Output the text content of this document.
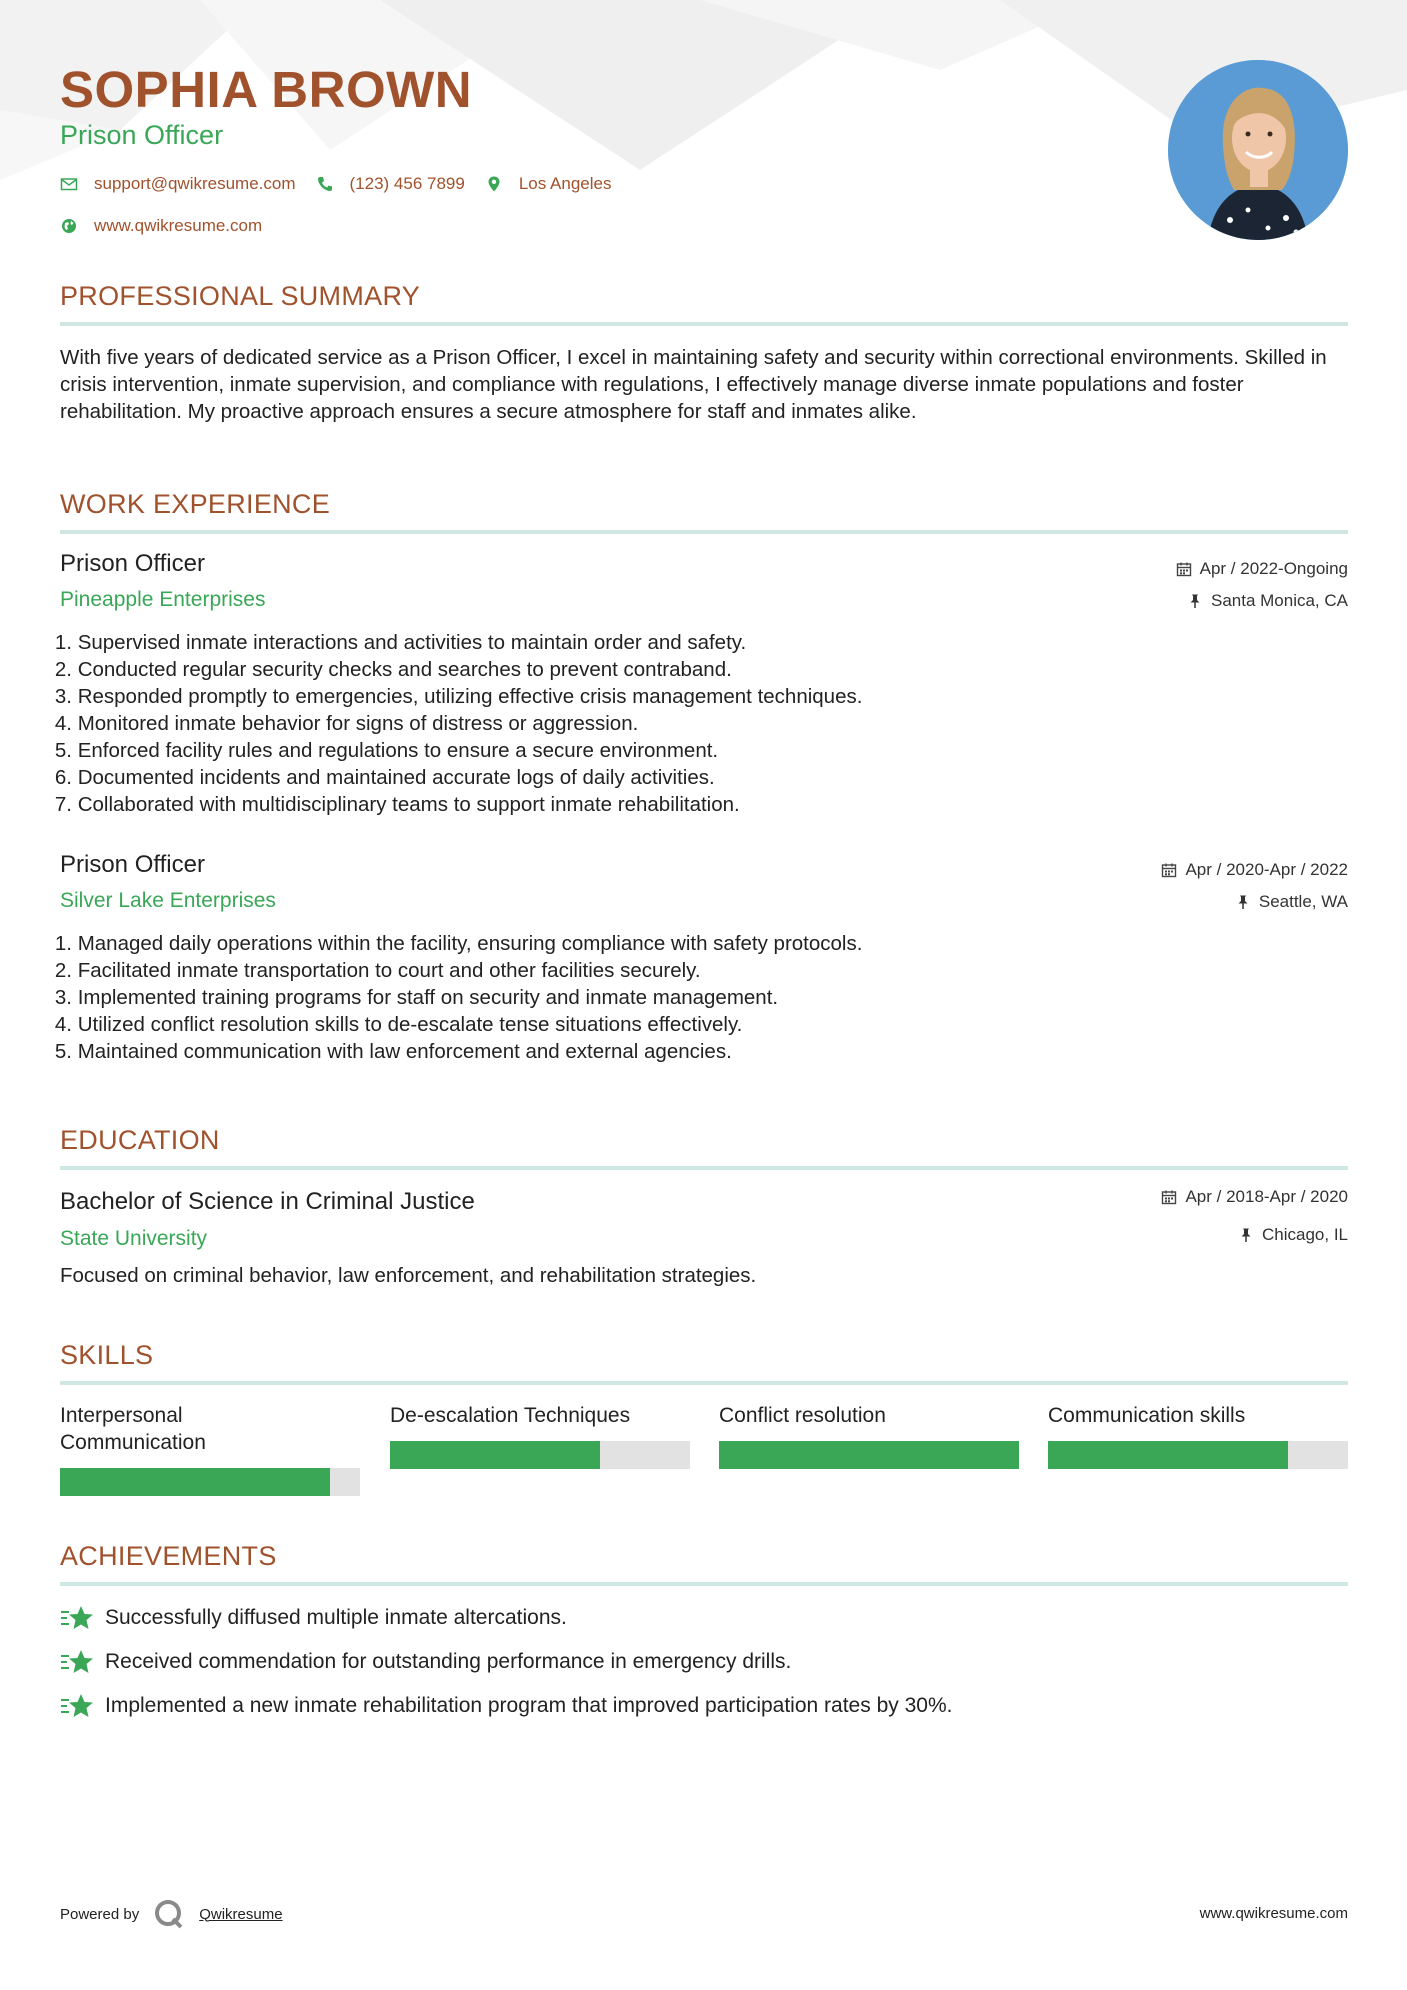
SOPHIA BROWN
Prison Officer
support@qwikresume.com	(123) 456 7899	Los Angeles
www.qwikresume.com
PROFESSIONAL SUMMARY
With five years of dedicated service as a Prison Officer, I excel in maintaining safety and security within correctional environments. Skilled in crisis intervention, inmate supervision, and compliance with regulations, I effectively manage diverse inmate populations and foster rehabilitation. My proactive approach ensures a secure atmosphere for staff and inmates alike.
WORK EXPERIENCE
Prison Officer
Pineapple Enterprises
Apr / 2022-Ongoing
Santa Monica, CA
1.
Supervised inmate interactions and activities to maintain order and safety.
2.
Conducted regular security checks and searches to prevent contraband.
3.
Responded promptly to emergencies, utilizing effective crisis management techniques.
4.
Monitored inmate behavior for signs of distress or aggression.
5.
Enforced facility rules and regulations to ensure a secure environment.
6.
Documented incidents and maintained accurate logs of daily activities.
7.
Collaborated with multidisciplinary teams to support inmate rehabilitation.
Prison Officer
Silver Lake Enterprises
Apr / 2020-Apr / 2022
Seattle, WA
1.
Managed daily operations within the facility, ensuring compliance with safety protocols.
2.
Facilitated inmate transportation to court and other facilities securely.
3.
Implemented training programs for staff on security and inmate management.
4.
Utilized conflict resolution skills to de-escalate tense situations effectively.
5.
Maintained communication with law enforcement and external agencies.
EDUCATION
Bachelor of Science in Criminal Justice
State University
Apr / 2018-Apr / 2020
Chicago, IL
Focused on criminal behavior, law enforcement, and rehabilitation strategies.
SKILLS
Interpersonal
Communication
De-escalation Techniques	Conflict resolution	Communication skills
ACHIEVEMENTS
Successfully diffused multiple inmate altercations.
Received commendation for outstanding performance in emergency drills.
Implemented a new inmate rehabilitation program that improved participation rates by 30%.
Powered by	Qwikresume	www.qwikresume.com
